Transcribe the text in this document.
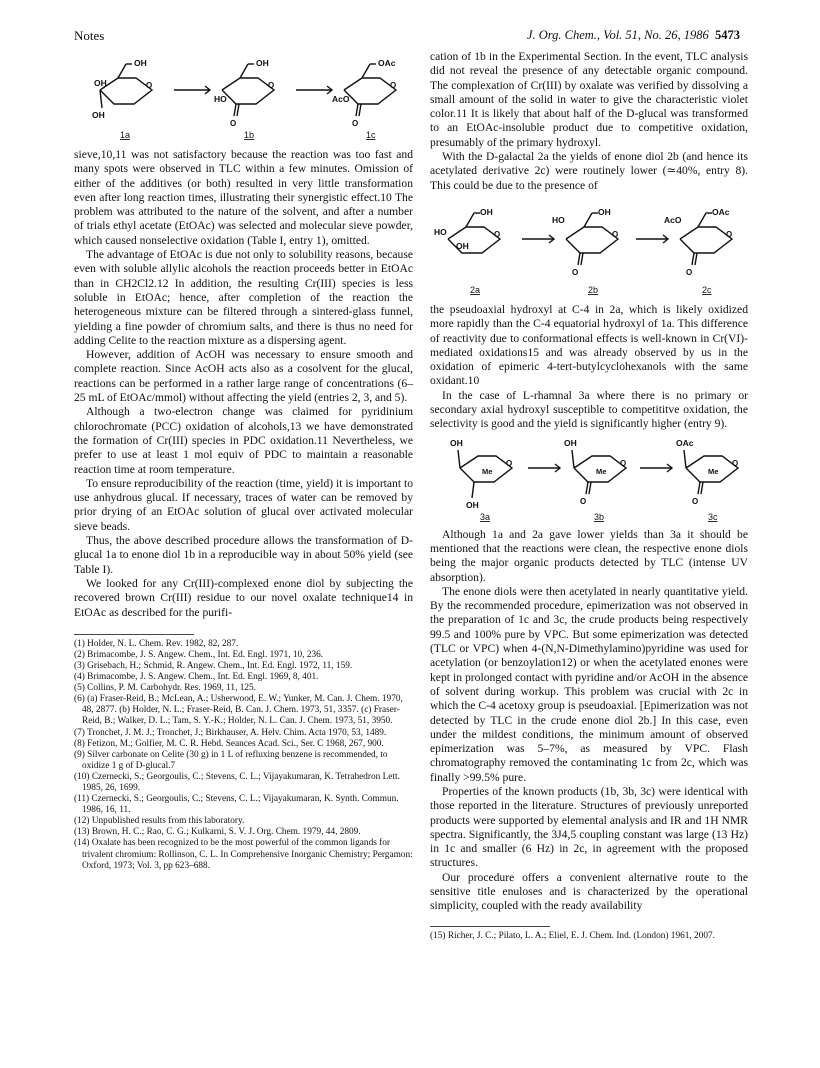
Notes	J. Org. Chem., Vol. 51, No. 26, 1986 5473
OH
OH
OH
OH
OAc
HO	AcO
O	O	O
O	O
1a	1b	1c

sieve,10,11 was not satisfactory because the reaction was too fast and many spots were observed in TLC within a few minutes. Omission of either of the additives (or both) resulted in very little transformation even after long reaction times, illustrating their synergistic effect.10 The problem was attributed to the nature of the solvent, and after a number of trials ethyl acetate (EtOAc) was selected and molecular sieve powder, which caused nonselective oxidation (Table I, entry 1), omitted.

The advantage of EtOAc is due not only to solubility reasons, because even with soluble allylic alcohols the reaction proceeds better in EtOAc than in CH2Cl2.12 In addition, the resulting Cr(III) species is less soluble in EtOAc; hence, after completion of the reaction the heterogeneous mixture can be filtered through a sintered-glass funnel, yielding a fine powder of chromium salts, and there is thus no need for adding Celite to the reaction mixture as a dispersing agent.

However, addition of AcOH was necessary to ensure smooth and complete reaction. Since AcOH acts also as a cosolvent for the glucal, reactions can be performed in a rather large range of concentrations (6–25 mL of EtOAc/mmol) without affecting the yield (entries 2, 3, and 5).

Although a two-electron change was claimed for pyridinium chlorochromate (PCC) oxidation of alcohols,13 we have demonstrated the formation of Cr(III) species in PDC oxidation.11 Nevertheless, we prefer to use at least 1 mol equiv of PDC to maintain a reasonable reaction time at room temperature.

To ensure reproducibility of the reaction (time, yield) it is important to use anhydrous glucal. If necessary, traces of water can be removed by prior drying of an EtOAc solution of glucal over activated molecular sieve beads.

Thus, the above described procedure allows the transformation of D-glucal 1a to enone diol 1b in a reproducible way in about 50% yield (see Table I).

We looked for any Cr(III)-complexed enone diol by subjecting the recovered brown Cr(III) residue to our novel oxalate technique14 in EtOAc as described for the purifi-

(1) Holder, N. L. Chem. Rev. 1982, 82, 287.
(2) Brimacombe, J. S. Angew. Chem., Int. Ed. Engl. 1971, 10, 236.
(3) Grisebach, H.; Schmid, R. Angew. Chem., Int. Ed. Engl. 1972, 11, 159.
(4) Brimacombe, J. S. Angew. Chem., Int. Ed. Engl. 1969, 8, 401.
(5) Collins, P. M. Carbohydr. Res. 1969, 11, 125.
(6) (a) Fraser-Reid, B.; McLean, A.; Usherwood, E. W.; Yunker, M. Can. J. Chem. 1970, 48, 2877. (b) Holder, N. L.; Fraser-Reid, B. Can. J. Chem. 1973, 51, 3357. (c) Fraser-Reid, B.; Walker, D. L.; Tam, S. Y.-K.; Holder, N. L. Can. J. Chem. 1973, 51, 3950.
(7) Tronchet, J. M. J.; Tronchet, J.; Birkhauser, A. Helv. Chim. Acta 1970, 53, 1489.
(8) Fetizon, M.; Golfier, M. C. R. Hebd. Seances Acad. Sci., Ser. C 1968, 267, 900.
(9) Silver carbonate on Celite (30 g) in 1 L of refluxing benzene is recommended, to oxidize 1 g of D-glucal.7
(10) Czernecki, S.; Georgoulis, C.; Stevens, C. L.; Vijayakumaran, K. Tetrahedron Lett. 1985, 26, 1699.
(11) Czernecki, S.; Georgoulis, C.; Stevens, C. L.; Vijayakumaran, K. Synth. Commun. 1986, 16, 11.
(12) Unpublished results from this laboratory.
(13) Brown, H. C.; Rao, C. G.; Kulkarni, S. V. J. Org. Chem. 1979, 44, 2809.
(14) Oxalate has been recognized to be the most powerful of the common ligands for trivalent chromium: Rollinson, C. L. In Comprehensive Inorganic Chemistry; Pergamon: Oxford, 1973; Vol. 3, pp 623–688.

cation of 1b in the Experimental Section. In the event, TLC analysis did not reveal the presence of any detectable organic compound. The complexation of Cr(III) by oxalate was verified by dissolving a small amount of the solid in water to give the characteristic violet color.11 It is likely that about half of the D-glucal was transformed to an EtOAc-insoluble product due to competitive oxidation, presumably of the primary hydroxyl.

With the D-galactal 2a the yields of enone diol 2b (and hence its acetylated derivative 2c) were routinely lower (≃40%, entry 8). This could be due to the presence of

OH
HO
OH
OH
HO
OAc
AcO
O	O	O
O	O
2a	2b	2c

the pseudoaxial hydroxyl at C-4 in 2a, which is likely oxidized more rapidly than the C-4 equatorial hydroxyl of 1a. This difference of reactivity due to conformational effects is well-known in Cr(VI)-mediated oxidations15 and was already observed by us in the oxidation of epimeric 4-tert-butylcyclohexanols with the same oxidant.10

In the case of L-rhamnal 3a where there is no primary or secondary axial hydroxyl susceptible to competititve oxidation, the selectivity is good and the yield is significantly higher (entry 9).

OH	OH	OAc
Me	Me	Me
OH
O	O	O
O	O
3a	3b	3c

Although 1a and 2a gave lower yields than 3a it should be mentioned that the reactions were clean, the respective enone diols being the major organic products detected by TLC (intense UV absorption).

The enone diols were then acetylated in nearly quantitative yield. By the recommended procedure, epimerization was not observed in the preparation of 1c and 3c, the crude products being respectively 99.5 and 100% pure by VPC. But some epimerization was detected (TLC or VPC) when 4-(N,N-Dimethylamino)pyridine was used for acetylation (or benzoylation12) or when the acetylated enones were kept in prolonged contact with pyridine and/or AcOH in the absence of solvent during workup. This problem was crucial with 2c in which the C-4 acetoxy group is pseudoaxial. [Epimerization was not detected by TLC in the crude enone diol 2b.] In this case, even under the mildest conditions, the minimum amount of observed epimerization was 5–7%, as measured by VPC. Flash chromatography removed the contaminating 1c from 2c, which was finally >99.5% pure.

Properties of the known products (1b, 3b, 3c) were identical with those reported in the literature. Structures of previously unreported products were supported by elemental analysis and IR and 1H NMR spectra. Significantly, the 3J4,5 coupling constant was large (13 Hz) in 1c and smaller (6 Hz) in 2c, in agreement with the proposed structures.

Our procedure offers a convenient alternative route to the sensitive title enuloses and is characterized by the operational simplicity, coupled with the ready availability

(15) Richer, J. C.; Pilato, L. A.; Eliel, E. J. Chem. Ind. (London) 1961, 2007.
